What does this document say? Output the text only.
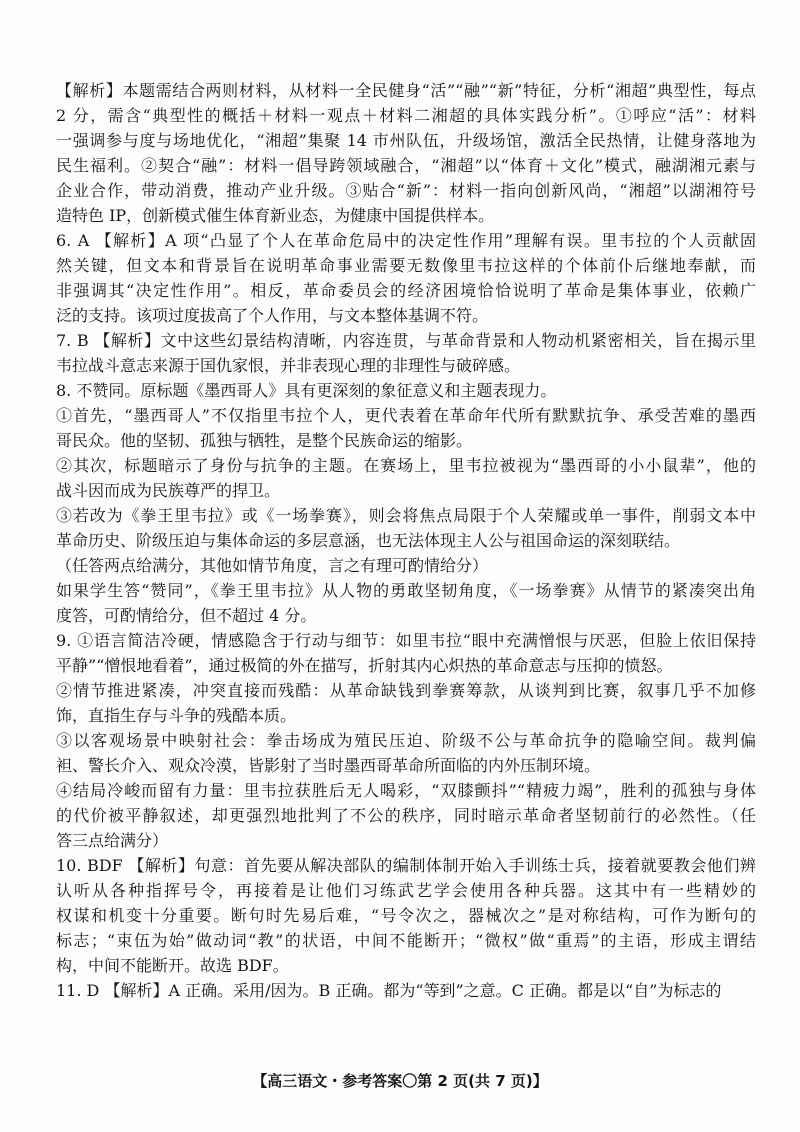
【解析】本题需结合两则材料，从材料一全民健身“活”“融”“新”特征，分析“湘超”典型性，每点
2 分，需含“典型性的概括＋材料一观点＋材料二湘超的具体实践分析”。①呼应“活”：材料
一强调参与度与场地优化，“湘超”集聚 14 市州队伍，升级场馆，激活全民热情，让健身落地为
民生福利。②契合“融”：材料一倡导跨领域融合，“湘超”以“体育＋文化”模式，融湖湘元素与
企业合作，带动消费，推动产业升级。③贴合“新”：材料一指向创新风尚，“湘超”以湖湘符号
造特色 IP，创新模式催生体育新业态，为健康中国提供样本。
6. A 【解析】A 项“凸显了个人在革命危局中的决定性作用”理解有误。里韦拉的个人贡献固
然关键，但文本和背景旨在说明革命事业需要无数像里韦拉这样的个体前仆后继地奉献，而
非强调其“决定性作用”。相反，革命委员会的经济困境恰恰说明了革命是集体事业，依赖广
泛的支持。该项过度拔高了个人作用，与文本整体基调不符。
7. B 【解析】文中这些幻景结构清晰，内容连贯，与革命背景和人物动机紧密相关，旨在揭示里
韦拉战斗意志来源于国仇家恨，并非表现心理的非理性与破碎感。
8. 不赞同。原标题《墨西哥人》具有更深刻的象征意义和主题表现力。
①首先，“墨西哥人”不仅指里韦拉个人，更代表着在革命年代所有默默抗争、承受苦难的墨西
哥民众。他的坚韧、孤独与牺牲，是整个民族命运的缩影。
②其次，标题暗示了身份与抗争的主题。在赛场上，里韦拉被视为“墨西哥的小小鼠辈”，他的
战斗因而成为民族尊严的捍卫。
③若改为《拳王里韦拉》或《一场拳赛》，则会将焦点局限于个人荣耀或单一事件，削弱文本中
革命历史、阶级压迫与集体命运的多层意涵，也无法体现主人公与祖国命运的深刻联结。
（任答两点给满分，其他如情节角度，言之有理可酌情给分）
如果学生答“赞同”，《拳王里韦拉》从人物的勇敢坚韧角度，《一场拳赛》从情节的紧凑突出角
度答，可酌情给分，但不超过 4 分。
9. ①语言简洁冷硬，情感隐含于行动与细节：如里韦拉“眼中充满憎恨与厌恶，但脸上依旧保持
平静”“憎恨地看着”，通过极简的外在描写，折射其内心炽热的革命意志与压抑的愤怒。
②情节推进紧凑，冲突直接而残酷：从革命缺钱到拳赛筹款，从谈判到比赛，叙事几乎不加修
饰，直指生存与斗争的残酷本质。
③以客观场景中映射社会：拳击场成为殖民压迫、阶级不公与革命抗争的隐喻空间。裁判偏
袒、警长介入、观众冷漠，皆影射了当时墨西哥革命所面临的内外压制环境。
④结局冷峻而留有力量：里韦拉获胜后无人喝彩，“双膝颤抖”“精疲力竭”，胜利的孤独与身体
的代价被平静叙述，却更强烈地批判了不公的秩序，同时暗示革命者坚韧前行的必然性。（任
答三点给满分）
10. BDF 【解析】句意：首先要从解决部队的编制体制开始入手训练士兵，接着就要教会他们辨
认听从各种指挥号令，再接着是让他们习练武艺学会使用各种兵器。这其中有一些精妙的
权谋和机变十分重要。断句时先易后难，“号令次之，器械次之”是对称结构，可作为断句的
标志；“束伍为始”做动词“教”的状语，中间不能断开；“微权”做“重焉”的主语，形成主谓结
构，中间不能断开。故选 BDF。
11. D 【解析】A 正确。采用/因为。B 正确。都为“等到”之意。C 正确。都是以“自”为标志的
【高三语文・参考答案〇第 2 页(共 7 页)】
